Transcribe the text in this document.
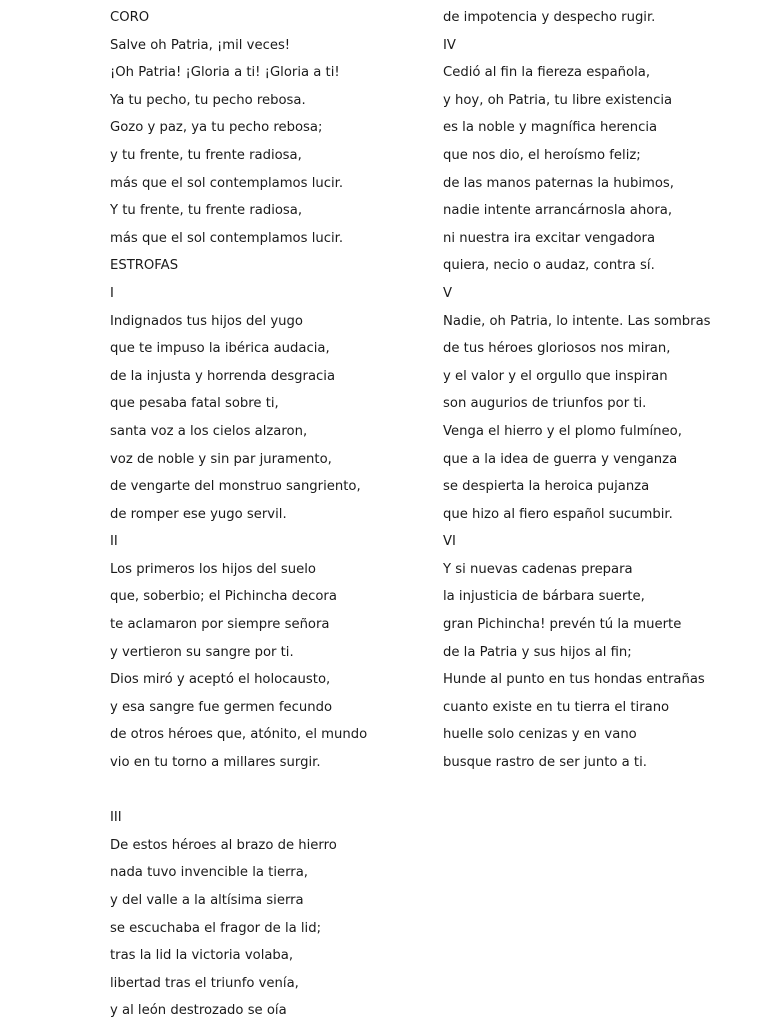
CORO
Salve oh Patria, ¡mil veces!
¡Oh Patria! ¡Gloria a ti! ¡Gloria a ti!
Ya tu pecho, tu pecho rebosa.
Gozo y paz, ya tu pecho rebosa;
y tu frente, tu frente radiosa,
más que el sol contemplamos lucir.
Y tu frente, tu frente radiosa,
más que el sol contemplamos lucir.
ESTROFAS
I
Indignados tus hijos del yugo
que te impuso la ibérica audacia,
de la injusta y horrenda desgracia
que pesaba fatal sobre ti,
santa voz a los cielos alzaron,
voz de noble y sin par juramento,
de vengarte del monstruo sangriento,
de romper ese yugo servil.
II
Los primeros los hijos del suelo
que, soberbio; el Pichincha decora
te aclamaron por siempre señora
y vertieron su sangre por ti.
Dios miró y aceptó el holocausto,
y esa sangre fue germen fecundo
de otros héroes que, atónito, el mundo
vio en tu torno a millares surgir.
III
De estos héroes al brazo de hierro
nada tuvo invencible la tierra,
y del valle a la altísima sierra
se escuchaba el fragor de la lid;
tras la lid la victoria volaba,
libertad tras el triunfo venía,
y al león destrozado se oía
de impotencia y despecho rugir.
IV
Cedió al fin la fiereza española,
y hoy, oh Patria, tu libre existencia
es la noble y magnífica herencia
que nos dio, el heroísmo feliz;
de las manos paternas la hubimos,
nadie intente arrancárnosla ahora,
ni nuestra ira excitar vengadora
quiera, necio o audaz, contra sí.
V
Nadie, oh Patria, lo intente. Las sombras
de tus héroes gloriosos nos miran,
y el valor y el orgullo que inspiran
son augurios de triunfos por ti.
Venga el hierro y el plomo fulmíneo,
que a la idea de guerra y venganza
se despierta la heroica pujanza
que hizo al fiero español sucumbir.
VI
Y si nuevas cadenas prepara
la injusticia de bárbara suerte,
gran Pichincha! prevén tú la muerte
de la Patria y sus hijos al fin;
Hunde al punto en tus hondas entrañas
cuanto existe en tu tierra el tirano
huelle solo cenizas y en vano
busque rastro de ser junto a ti.
